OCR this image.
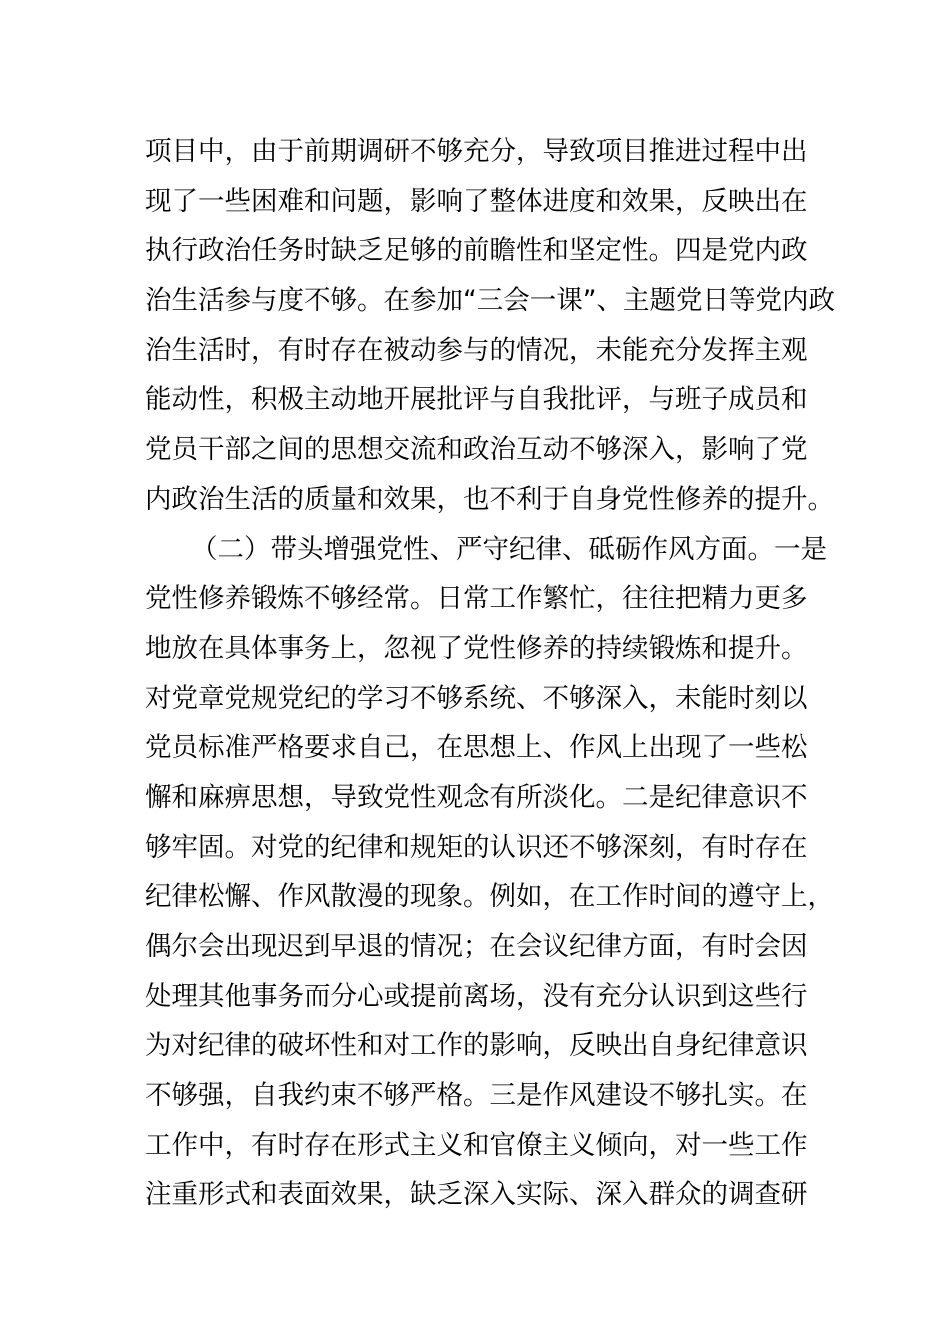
项目中，由于前期调研不够充分，导致项目推进过程中出
现了一些困难和问题，影响了整体进度和效果，反映出在
执行政治任务时缺乏足够的前瞻性和坚定性。四是党内政
治生活参与度不够。在参加“三会一课”、主题党日等党内政
治生活时，有时存在被动参与的情况，未能充分发挥主观
能动性，积极主动地开展批评与自我批评，与班子成员和
党员干部之间的思想交流和政治互动不够深入，影响了党
内政治生活的质量和效果，也不利于自身党性修养的提升。
（二）带头增强党性、严守纪律、砥砺作风方面。一是
党性修养锻炼不够经常。日常工作繁忙，往往把精力更多
地放在具体事务上，忽视了党性修养的持续锻炼和提升。
对党章党规党纪的学习不够系统、不够深入，未能时刻以
党员标准严格要求自己，在思想上、作风上出现了一些松
懈和麻痹思想，导致党性观念有所淡化。二是纪律意识不
够牢固。对党的纪律和规矩的认识还不够深刻，有时存在
纪律松懈、作风散漫的现象。例如，在工作时间的遵守上，
偶尔会出现迟到早退的情况；在会议纪律方面，有时会因
处理其他事务而分心或提前离场，没有充分认识到这些行
为对纪律的破坏性和对工作的影响，反映出自身纪律意识
不够强，自我约束不够严格。三是作风建设不够扎实。在
工作中，有时存在形式主义和官僚主义倾向，对一些工作
注重形式和表面效果，缺乏深入实际、深入群众的调查研
